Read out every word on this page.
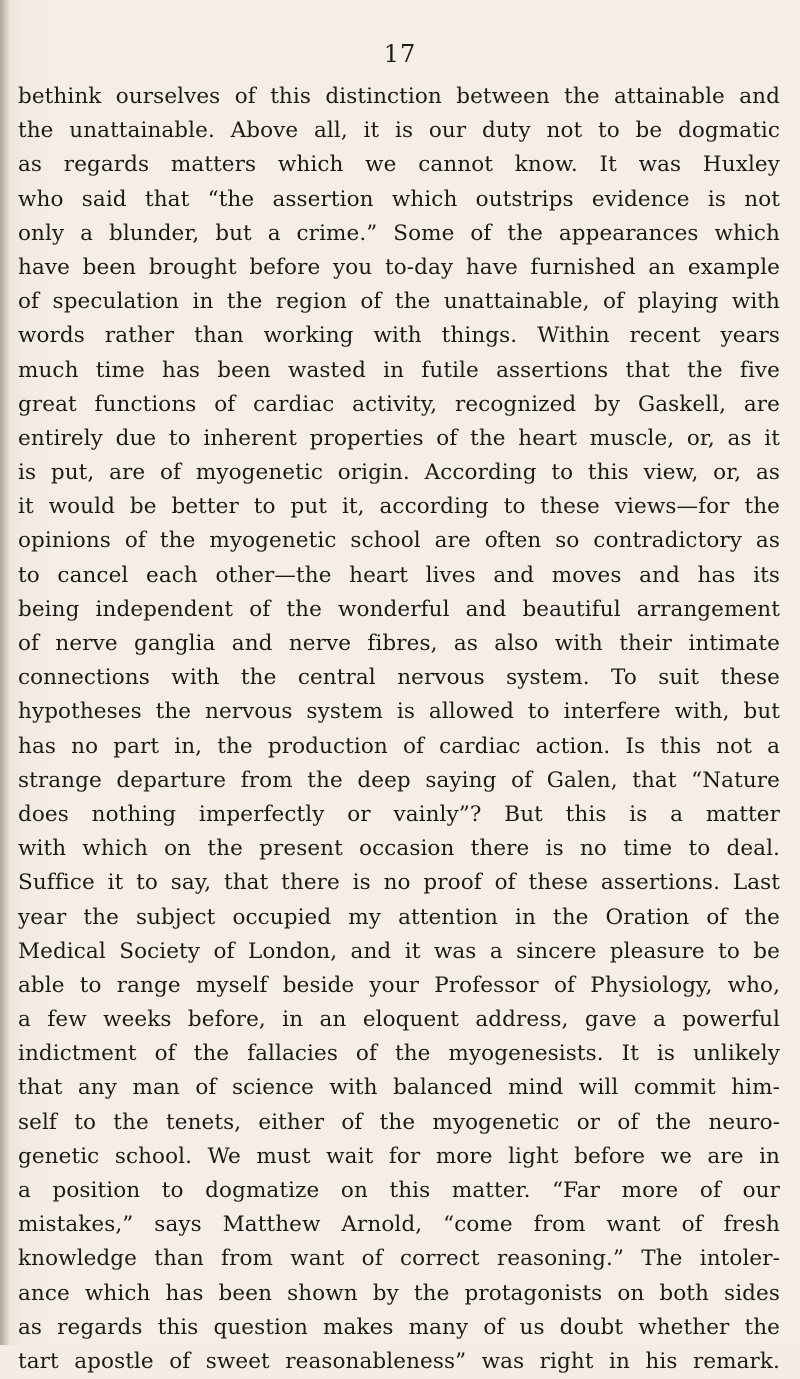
17
bethink ourselves of this distinction between the attainable and
the unattainable. Above all, it is our duty not to be dogmatic
as regards matters which we cannot know. It was Huxley
who said that “the assertion which outstrips evidence is not
only a blunder, but a crime.” Some of the appearances which
have been brought before you to-day have furnished an example
of speculation in the region of the unattainable, of playing with
words rather than working with things. Within recent years
much time has been wasted in futile assertions that the five
great functions of cardiac activity, recognized by Gaskell, are
entirely due to inherent properties of the heart muscle, or, as it
is put, are of myogenetic origin. According to this view, or, as
it would be better to put it, according to these views—for the
opinions of the myogenetic school are often so contradictory as
to cancel each other—the heart lives and moves and has its
being independent of the wonderful and beautiful arrangement
of nerve ganglia and nerve fibres, as also with their intimate
connections with the central nervous system. To suit these
hypotheses the nervous system is allowed to interfere with, but
has no part in, the production of cardiac action. Is this not a
strange departure from the deep saying of Galen, that “Nature
does nothing imperfectly or vainly”? But this is a matter
with which on the present occasion there is no time to deal.
Suffice it to say, that there is no proof of these assertions. Last
year the subject occupied my attention in the Oration of the
Medical Society of London, and it was a sincere pleasure to be
able to range myself beside your Professor of Physiology, who,
a few weeks before, in an eloquent address, gave a powerful
indictment of the fallacies of the myogenesists. It is unlikely
that any man of science with balanced mind will commit him-
self to the tenets, either of the myogenetic or of the neuro-
genetic school. We must wait for more light before we are in
a position to dogmatize on this matter. “Far more of our
mistakes,” says Matthew Arnold, “come from want of fresh
knowledge than from want of correct reasoning.” The intoler-
ance which has been shown by the protagonists on both sides
as regards this question makes many of us doubt whether the
tart apostle of sweet reasonableness” was right in his remark.
